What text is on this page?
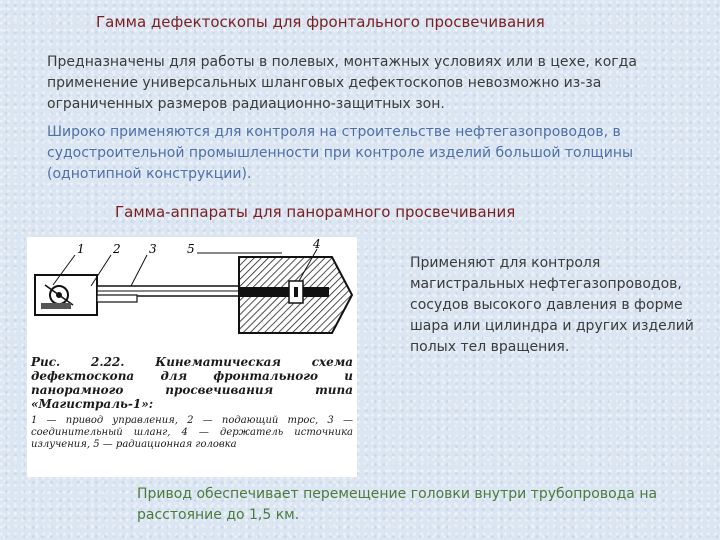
Гамма дефектоскопы для фронтального просвечивания

Предназначены для работы в полевых, монтажных условиях или в цехе, когда применение универсальных шланговых дефектоскопов невозможно из-за ограниченных размеров радиационно-защитных зон.

Широко применяются для контроля на строительстве нефтегазопроводов, в судостроительной промышленности при контроле изделий большой толщины (однотипной конструкции).

Гамма-аппараты для панорамного просвечивания

1 2 3	5	4

Рис. 2.22. Кинематическая схема дефектоскопа для фронтального и панорамного просвечивания типа «Магистраль-1»:

1 — привод управления, 2 — подающий трос, 3 — соединительный шланг, 4 — держатель источника излучения, 5 — радиационная головка

Применяют для контроля магистральных нефтегазопроводов, сосудов высокого давления в форме шара или цилиндра и других изделий полых тел вращения.

Привод обеспечивает перемещение головки внутри трубопровода на расстояние до 1,5 км.
